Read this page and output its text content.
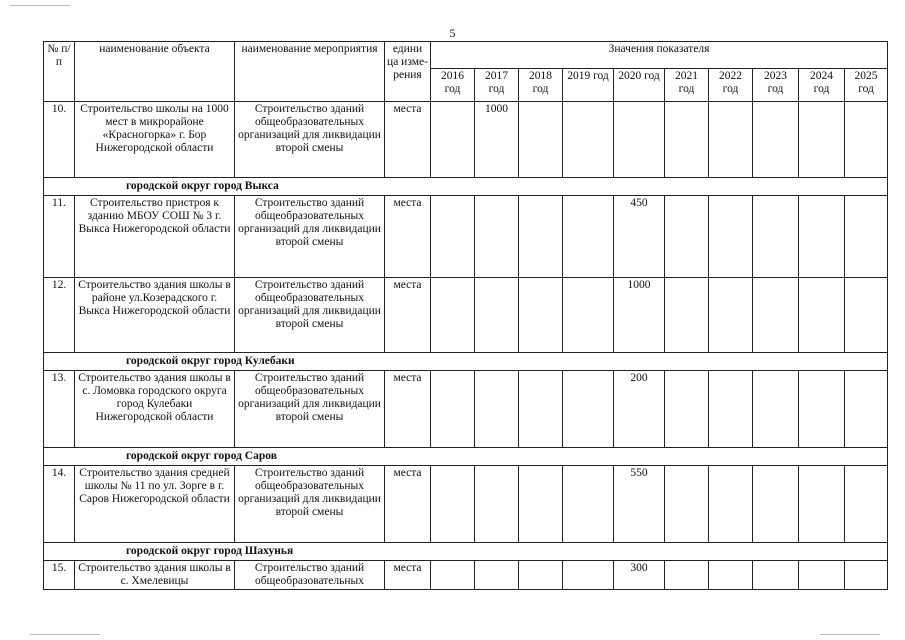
5
№ п/п	наименование объекта	наименование мероприятия	едини ца изме- рения	Значения показателя									
				2016 год	2017 год	2018 год	2019 год	2020 год	2021 год	2022 год	2023 год	2024 год	2025 год
10.	Строительство школы на 1000 мест в микрорайоне «Красногорка» г. Бор Нижегородской области	Строительство зданий общеобразовательных организаций для ликвидации второй смены	места		1000								
городской округ город Выкса													
11.	Строительство пристроя к зданию МБОУ СОШ № 3 г. Выкса Нижегородской области	Строительство зданий общеобразовательных организаций для ликвидации второй смены	места					450					
12.	Строительство здания школы в районе ул.Козерадского г. Выкса Нижегородской области	Строительство зданий общеобразовательных организаций для ликвидации второй смены	места					1000					
городской округ город Кулебаки													
13.	Строительство здания школы в с. Ломовка городского округа город Кулебаки Нижегородской области	Строительство зданий общеобразовательных организаций для ликвидации второй смены	места					200					
городской округ город Саров													
14.	Строительство здания средней школы № 11 по ул. Зорге в г. Саров Нижегородской области	Строительство зданий общеобразовательных организаций для ликвидации второй смены	места					550					
городской округ город Шахунья													
15.	Строительство здания школы в с. Хмелевицы	Строительство зданий общеобразовательных	места					300					
